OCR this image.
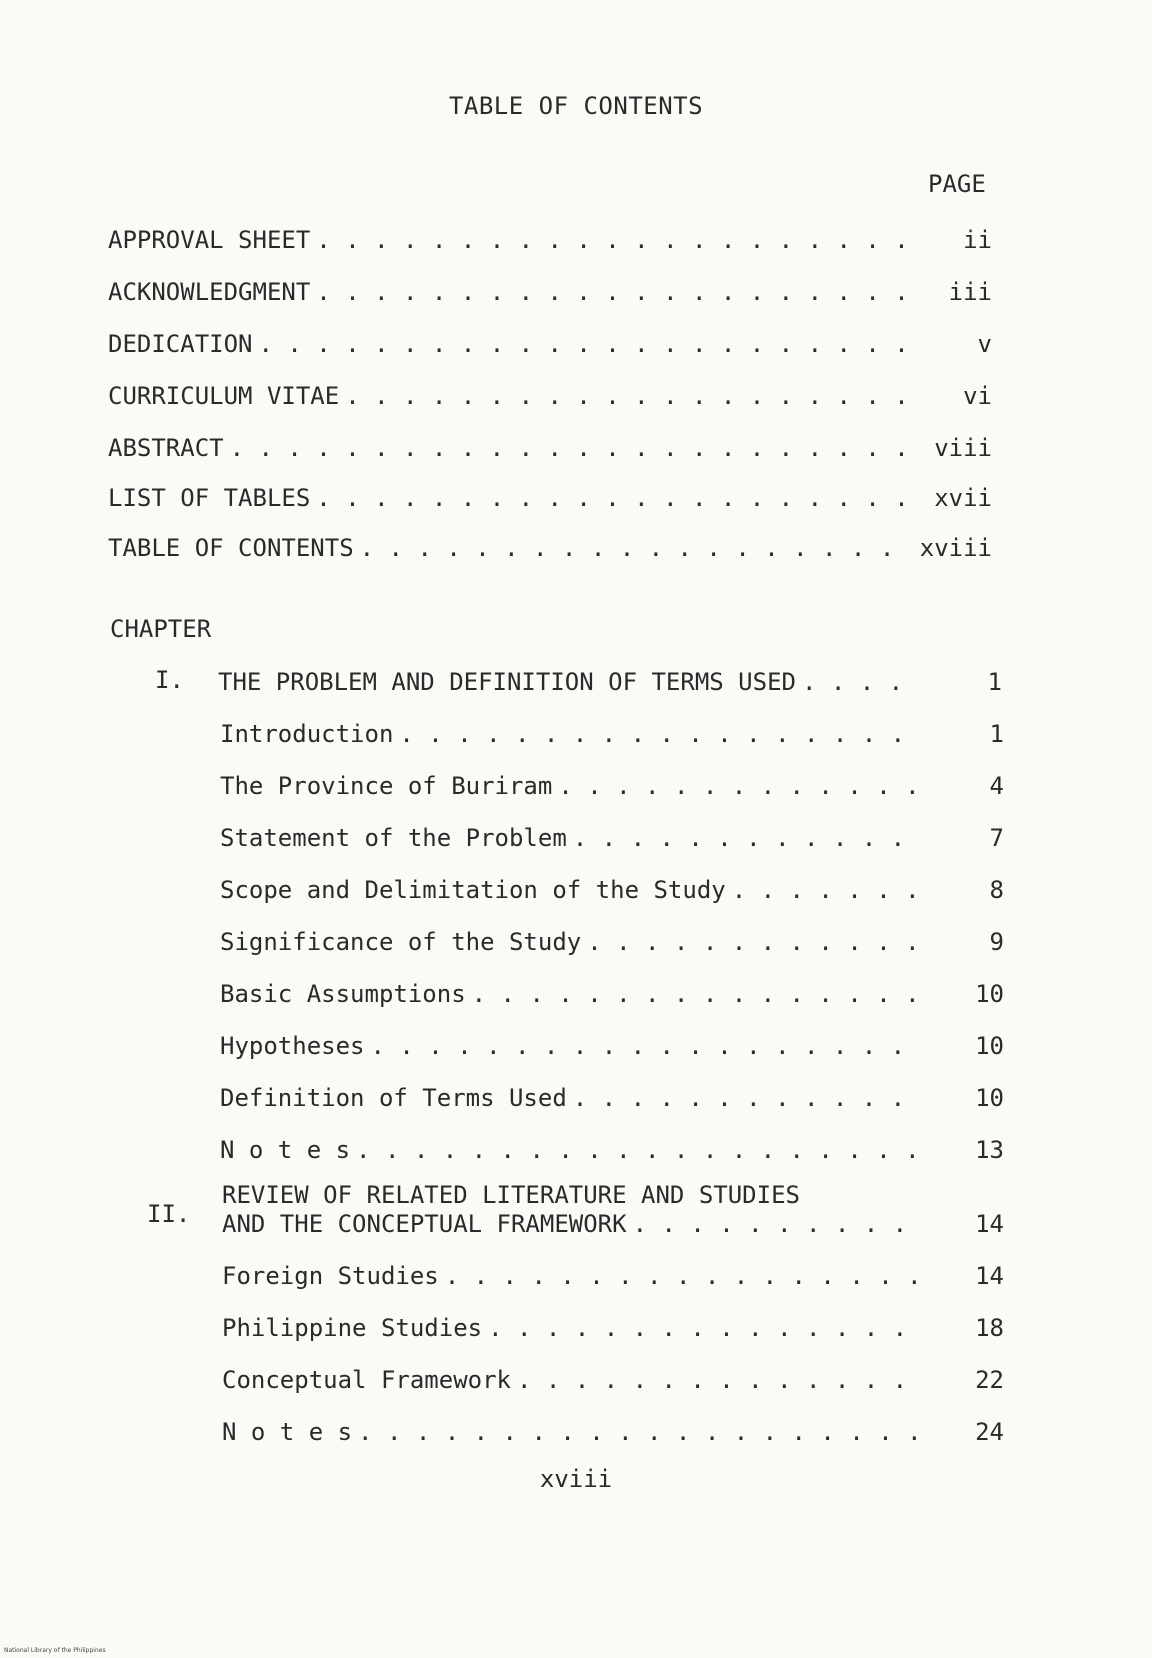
TABLE OF CONTENTS
PAGE
APPROVAL SHEET . . .	ii
ACKNOWLEDGMENT . . .	iii
DEDICATION . . .	v
CURRICULUM VITAE . . .	vi
ABSTRACT . . .	viii
LIST OF TABLES . . .	xvii
TABLE OF CONTENTS . . .	xviii
CHAPTER
I. THE PROBLEM AND DEFINITION OF TERMS USED . . .	1
Introduction . . .	1
The Province of Buriram . . .	4
Statement of the Problem . . .	7
Scope and Delimitation of the Study . . .	8
Significance of the Study . . .	9
Basic Assumptions . . .	10
Hypotheses . . .	10
Definition of Terms Used . . .	10
N o t e s . . .	13
II.
REVIEW OF RELATED LITERATURE AND STUDIES
AND THE CONCEPTUAL FRAMEWORK . . .	14
Foreign Studies . . .	14
Philippine Studies . . .	18
Conceptual Framework . . .	22
N o t e s . . .	24
xviii
National Library of the Philippines
